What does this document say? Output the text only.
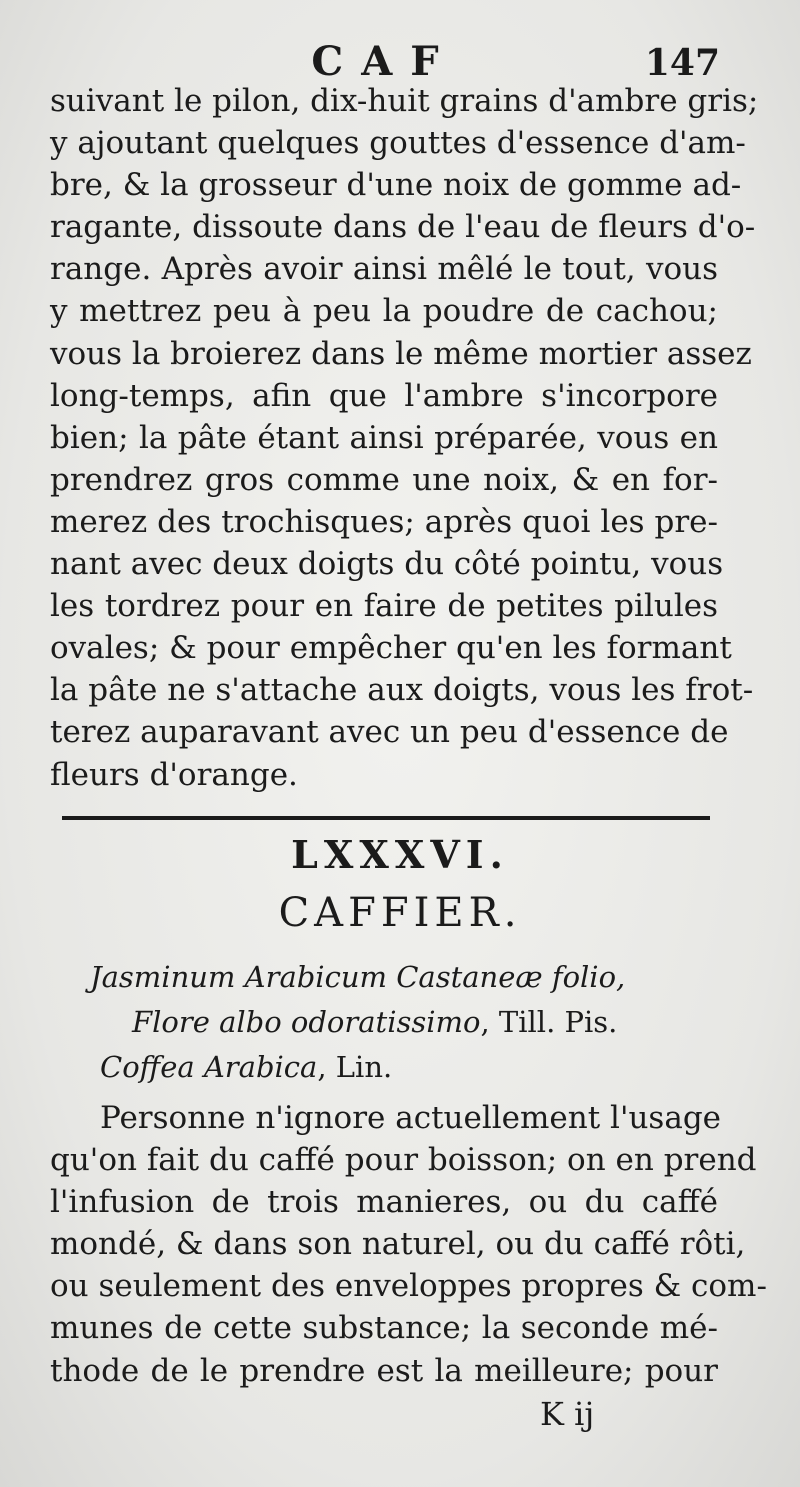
CAF	147
suivant le pilon, dix-huit grains d'ambre gris;
y ajoutant quelques gouttes d'essence d'am-
bre, & la grosseur d'une noix de gomme ad-
ragante, dissoute dans de l'eau de fleurs d'o-
range. Après avoir ainsi mêlé le tout, vous
y mettrez peu à peu la poudre de cachou;
vous la broierez dans le même mortier assez
long-temps, afin que l'ambre s'incorpore
bien; la pâte étant ainsi préparée, vous en
prendrez gros comme une noix, & en for-
merez des trochisques; après quoi les pre-
nant avec deux doigts du côté pointu, vous
les tordrez pour en faire de petites pilules
ovales; & pour empêcher qu'en les formant
la pâte ne s'attache aux doigts, vous les frot-
terez auparavant avec un peu d'essence de
fleurs d'orange.
LXXXVI.
CAFFIER.
Jasminum Arabicum Castaneæ folio,
Flore albo odoratissimo, Till. Pis.
Coffea Arabica, Lin.
Personne n'ignore actuellement l'usage
qu'on fait du caffé pour boisson; on en prend
l'infusion de trois manieres, ou du caffé
mondé, & dans son naturel, ou du caffé rôti,
ou seulement des enveloppes propres & com-
munes de cette substance; la seconde mé-
thode de le prendre est la meilleure; pour
K ij
